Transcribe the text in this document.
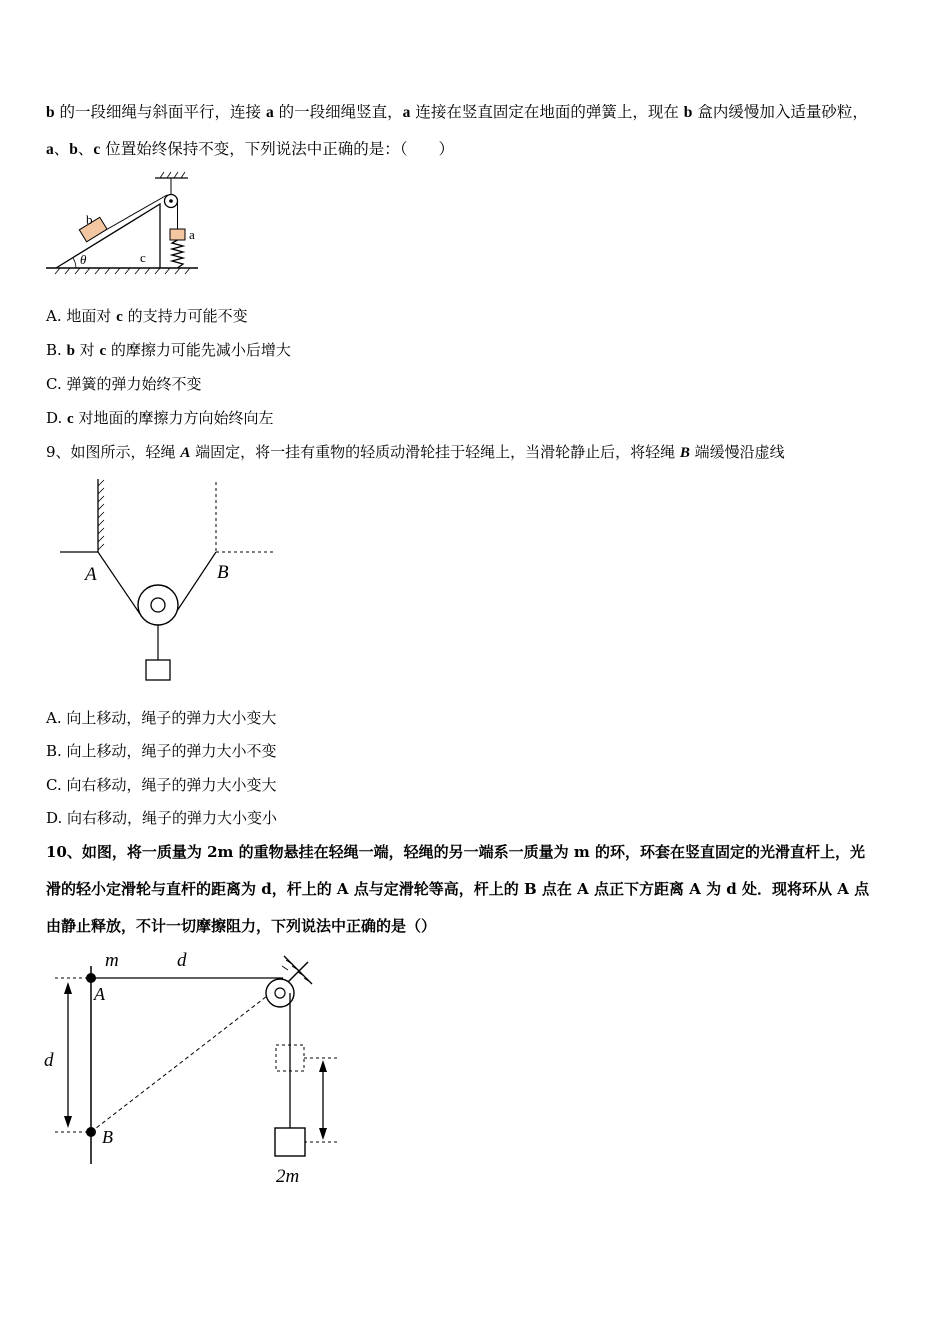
b 的一段细绳与斜面平行，连接 a 的一段细绳竖直，a 连接在竖直固定在地面的弹簧上，现在 b 盒内缓慢加入适量砂粒，
a、b、c 位置始终保持不变，下列说法中正确的是：（　　）
θ	c
b
a
A. 地面对 c 的支持力可能不变
B. b 对 c 的摩擦力可能先减小后增大
C. 弹簧的弹力始终不变
D. c 对地面的摩擦力方向始终向左
9、如图所示，轻绳 A 端固定，将一挂有重物的轻质动滑轮挂于轻绳上，当滑轮静止后，将轻绳 B 端缓慢沿虚线
A	B
A. 向上移动，绳子的弹力大小变大
B. 向上移动，绳子的弹力大小不变
C. 向右移动，绳子的弹力大小变大
D. 向右移动，绳子的弹力大小变小
10、如图，将一质量为 2m 的重物悬挂在轻绳一端，轻绳的另一端系一质量为 m 的环，环套在竖直固定的光滑直杆上，光
滑的轻小定滑轮与直杆的距离为 d，杆上的 A 点与定滑轮等高，杆上的 B 点在 A 点正下方距离 A 为 d 处．现将环从 A 点
由静止释放，不计一切摩擦阻力，下列说法中正确的是（）
m	d
A
B
d
2m
